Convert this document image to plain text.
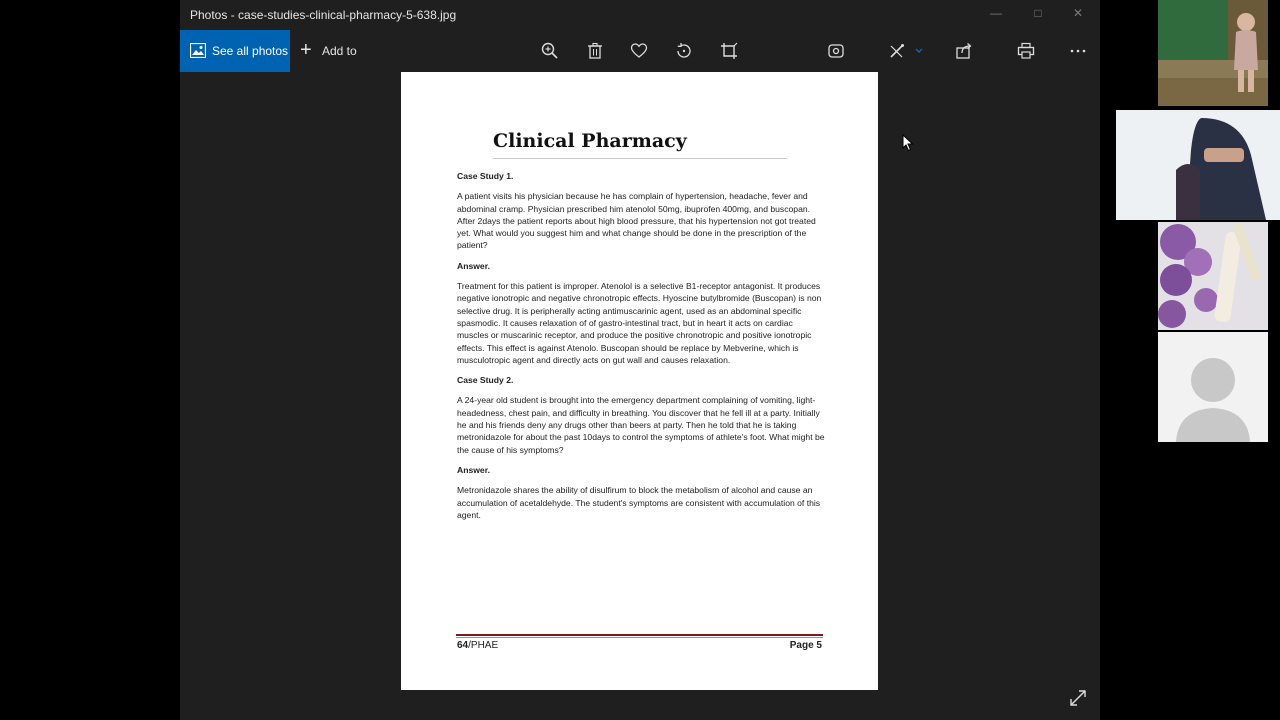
Photos - case-studies-clinical-pharmacy-5-638.jpg	—	□	✕
See all photos + Add to
Clinical Pharmacy
Case Study 1.
A patient visits his physician because he has complain of hypertension, headache, fever and abdominal cramp. Physician prescribed him atenolol 50mg, ibuprofen 400mg, and buscopan. After 2days the patient reports about high blood pressure, that his hypertension not got treated yet. What would you suggest him and what change should be done in the prescription of the patient?
Answer.
Treatment for this patient is improper. Atenolol is a selective B1-receptor antagonist. It produces negative ionotropic and negative chronotropic effects. Hyoscine butylbromide (Buscopan) is non selective drug. It is peripherally acting antimuscarinic agent, used as an abdominal specific spasmodic. It causes relaxation of of gastro-intestinal tract, but in heart it acts on cardiac muscles or muscarinic receptor, and produce the positive chronotropic and positive ionotropic effects. This effect is against Atenolo. Buscopan should be replace by Mebverine, which is musculotropic agent and directly acts on gut wall and causes relaxation.
Case Study 2.
A 24-year old student is brought into the emergency department complaining of vomiting, light-headedness, chest pain, and difficulty in breathing. You discover that he fell ill at a party. Initially he and his friends deny any drugs other than beers at party. Then he told that he is taking metronidazole for about the past 10days to control the symptoms of athlete's foot. What might be the cause of his symptoms?
Answer.
Metronidazole shares the ability of disulfirum to block the metabolism of alcohol and cause an accumulation of acetaldehyde. The student's symptoms are consistent with accumulation of this agent.
64/PHAE	Page 5
